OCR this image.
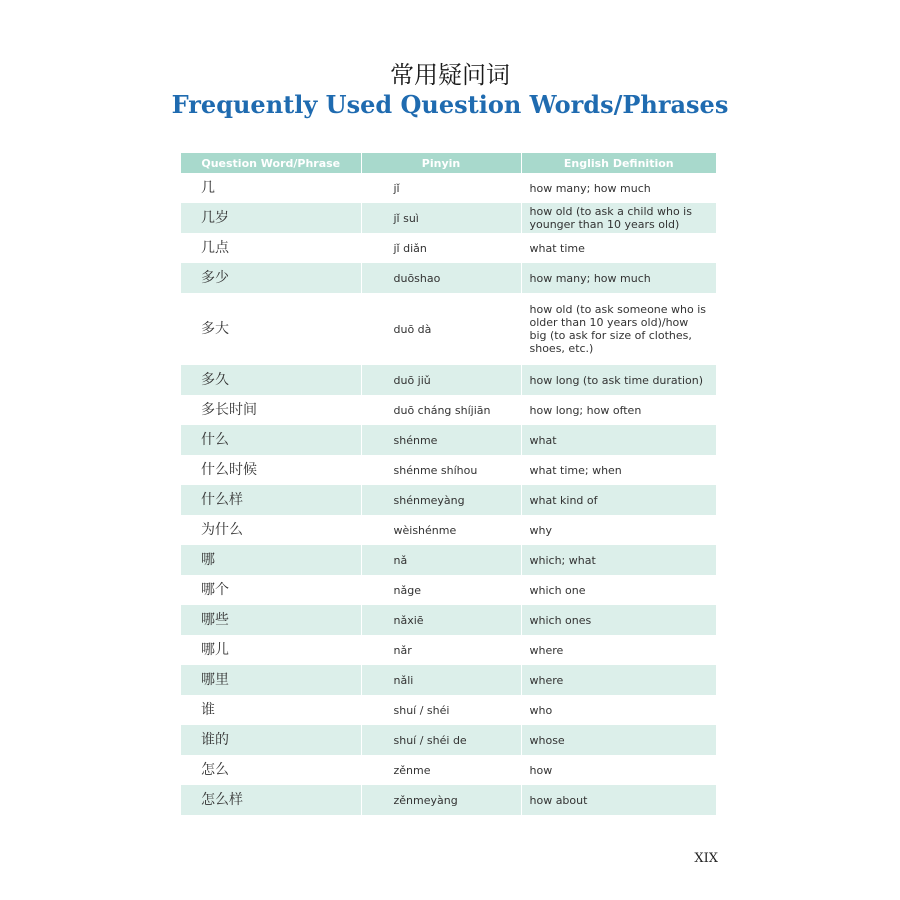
常用疑问词
Frequently Used Question Words/Phrases
Question Word/Phrase	Pinyin	English Definition
几	jǐ	how many; how much
几岁	jǐ suì	how old (to ask a child who is younger than 10 years old)
几点	jǐ diǎn	what time
多少	duōshao	how many; how much
多大	duō dà	how old (to ask someone who is older than 10 years old)/how big (to ask for size of clothes, shoes, etc.)
多久	duō jiǔ	how long (to ask time duration)
多长时间	duō cháng shíjiān	how long; how often
什么	shénme	what
什么时候	shénme shíhou	what time; when
什么样	shénmeyàng	what kind of
为什么	wèishénme	why
哪	nǎ	which; what
哪个	nǎge	which one
哪些	nǎxiē	which ones
哪儿	nǎr	where
哪里	nǎli	where
谁	shuí / shéi	who
谁的	shuí / shéi de	whose
怎么	zěnme	how
怎么样	zěnmeyàng	how about
XIX
